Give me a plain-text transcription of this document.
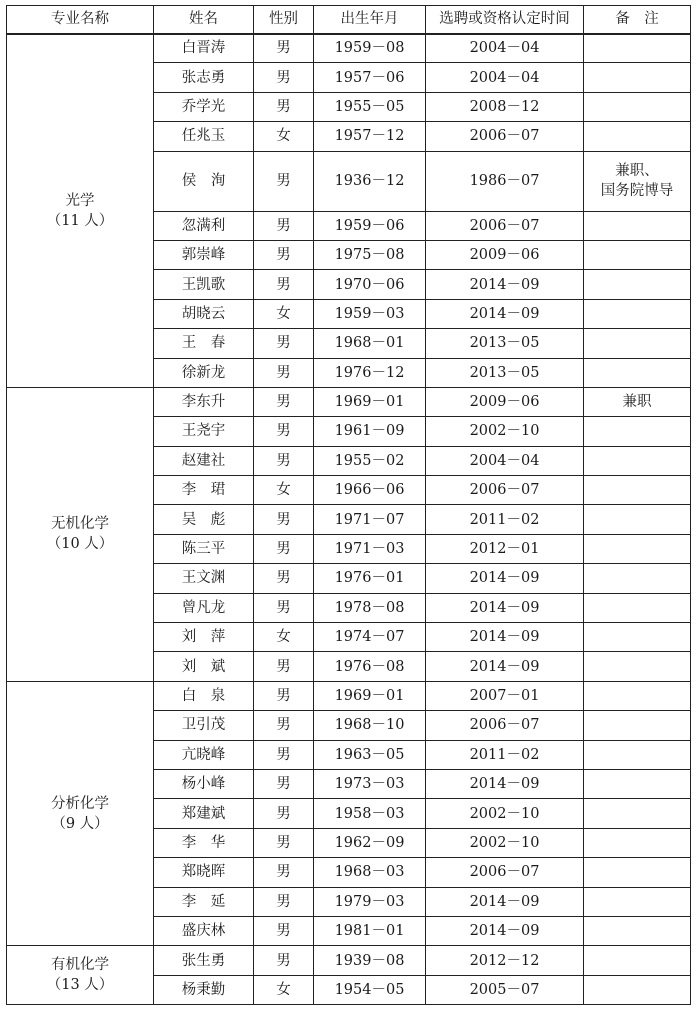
专业名称	姓名	性别	出生年月	选聘或资格认定时间	备　注

光学
（11 人）	白晋涛	男	1959－08	2004－04	

	张志勇	男	1957－06	2004－04	

	乔学光	男	1955－05	2008－12	

	任兆玉	女	1957－12	2006－07	

	侯　洵	男	1936－12	1986－07	兼职、
国务院博导

	忽满利	男	1959－06	2006－07	

	郭崇峰	男	1975－08	2009－06	

	王凯歌	男	1970－06	2014－09	

	胡晓云	女	1959－03	2014－09	

	王　春	男	1968－01	2013－05	

	徐新龙	男	1976－12	2013－05	

无机化学
（10 人）	李东升	男	1969－01	2009－06	兼职

	王尧宇	男	1961－09	2002－10	

	赵建社	男	1955－02	2004－04	

	李　珺	女	1966－06	2006－07	

	吴　彪	男	1971－07	2011－02	

	陈三平	男	1971－03	2012－01	

	王文渊	男	1976－01	2014－09	

	曾凡龙	男	1978－08	2014－09	

	刘　萍	女	1974－07	2014－09	

	刘　斌	男	1976－08	2014－09	

分析化学
（9 人）	白　泉	男	1969－01	2007－01	

	卫引茂	男	1968－10	2006－07	

	亢晓峰	男	1963－05	2011－02	

	杨小峰	男	1973－03	2014－09	

	郑建斌	男	1958－03	2002－10	

	李　华	男	1962－09	2002－10	

	郑晓晖	男	1968－03	2006－07	

	李　延	男	1979－03	2014－09	

	盛庆林	男	1981－01	2014－09	

有机化学
（13 人）	张生勇	男	1939－08	2012－12	

	杨秉勤	女	1954－05	2005－07	
